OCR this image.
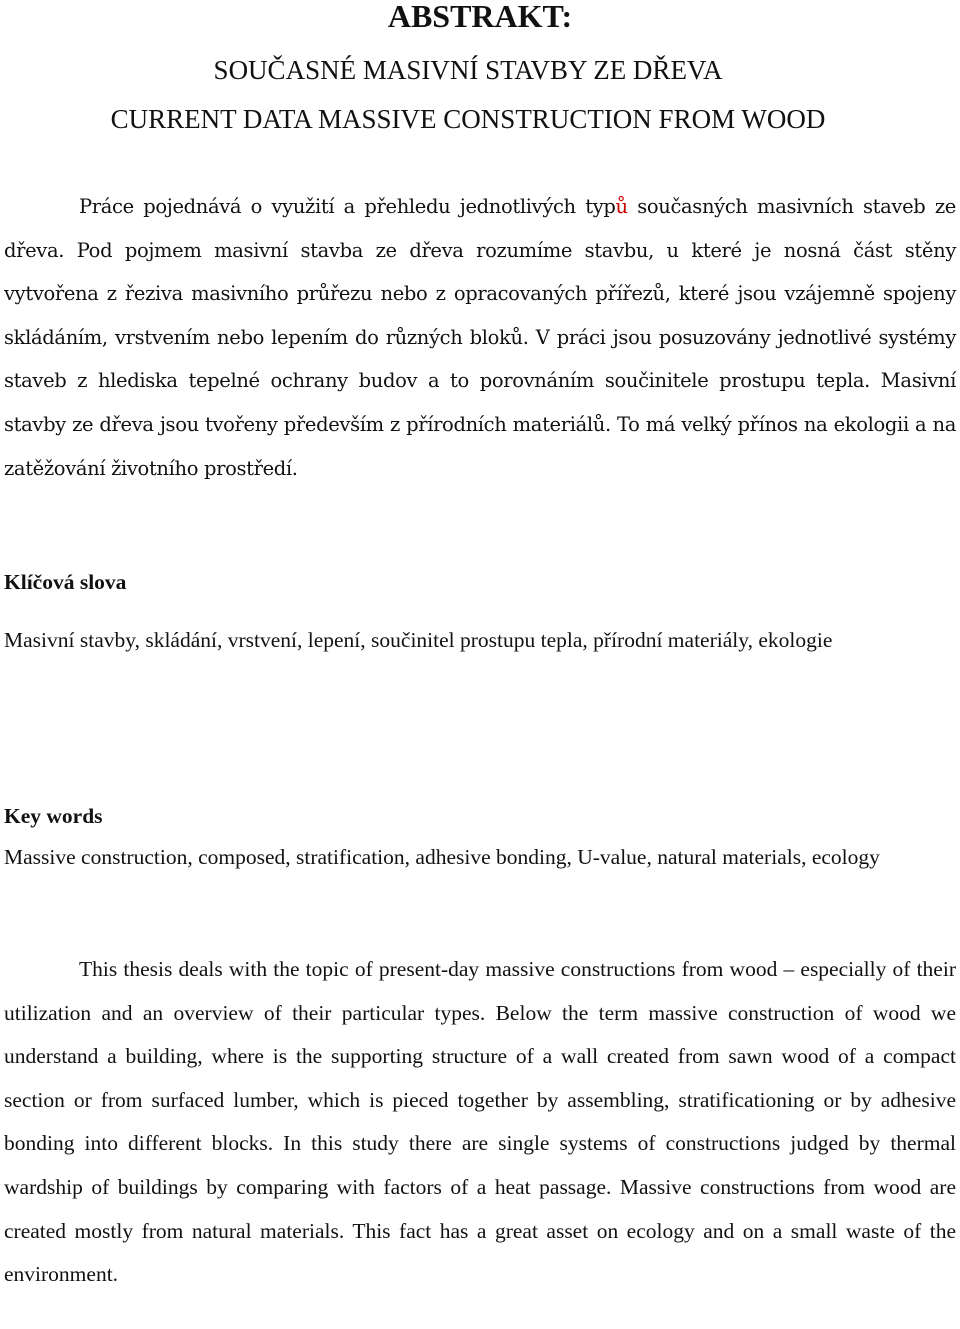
ABSTRAKT:
SOUČASNÉ MASIVNÍ STAVBY ZE DŘEVA
CURRENT DATA MASSIVE CONSTRUCTION FROM WOOD

Práce pojednává o využití a přehledu jednotlivých typů současných masivních staveb ze dřeva. Pod pojmem masivní stavba ze dřeva rozumíme stavbu, u které je nosná část stěny vytvořena z řeziva masivního průřezu nebo z opracovaných přířezů, které jsou vzájemně spojeny skládáním, vrstvením nebo lepením do různých bloků. V práci jsou posuzovány jednotlivé systémy staveb z hlediska tepelné ochrany budov a to porovnáním součinitele prostupu tepla. Masivní stavby ze dřeva jsou tvořeny především z přírodních materiálů. To má velký přínos na ekologii a na zatěžování životního prostředí.

Klíčová slova

Masivní stavby, skládání, vrstvení, lepení, součinitel prostupu tepla, přírodní materiály, ekologie

Key words

Massive construction, composed, stratification, adhesive bonding, U-value, natural materials, ecology

This thesis deals with the topic of present-day massive constructions from wood – especially of their utilization and an overview of their particular types. Below the term massive construction of wood we understand a building, where is the supporting structure of a wall created from sawn wood of a compact section or from surfaced lumber, which is pieced together by assembling, stratificationing or by adhesive bonding into different blocks. In this study there are single systems of constructions judged by thermal wardship of buildings by comparing with factors of a heat passage. Massive constructions from wood are created mostly from natural materials. This fact has a great asset on ecology and on a small waste of the environment.
